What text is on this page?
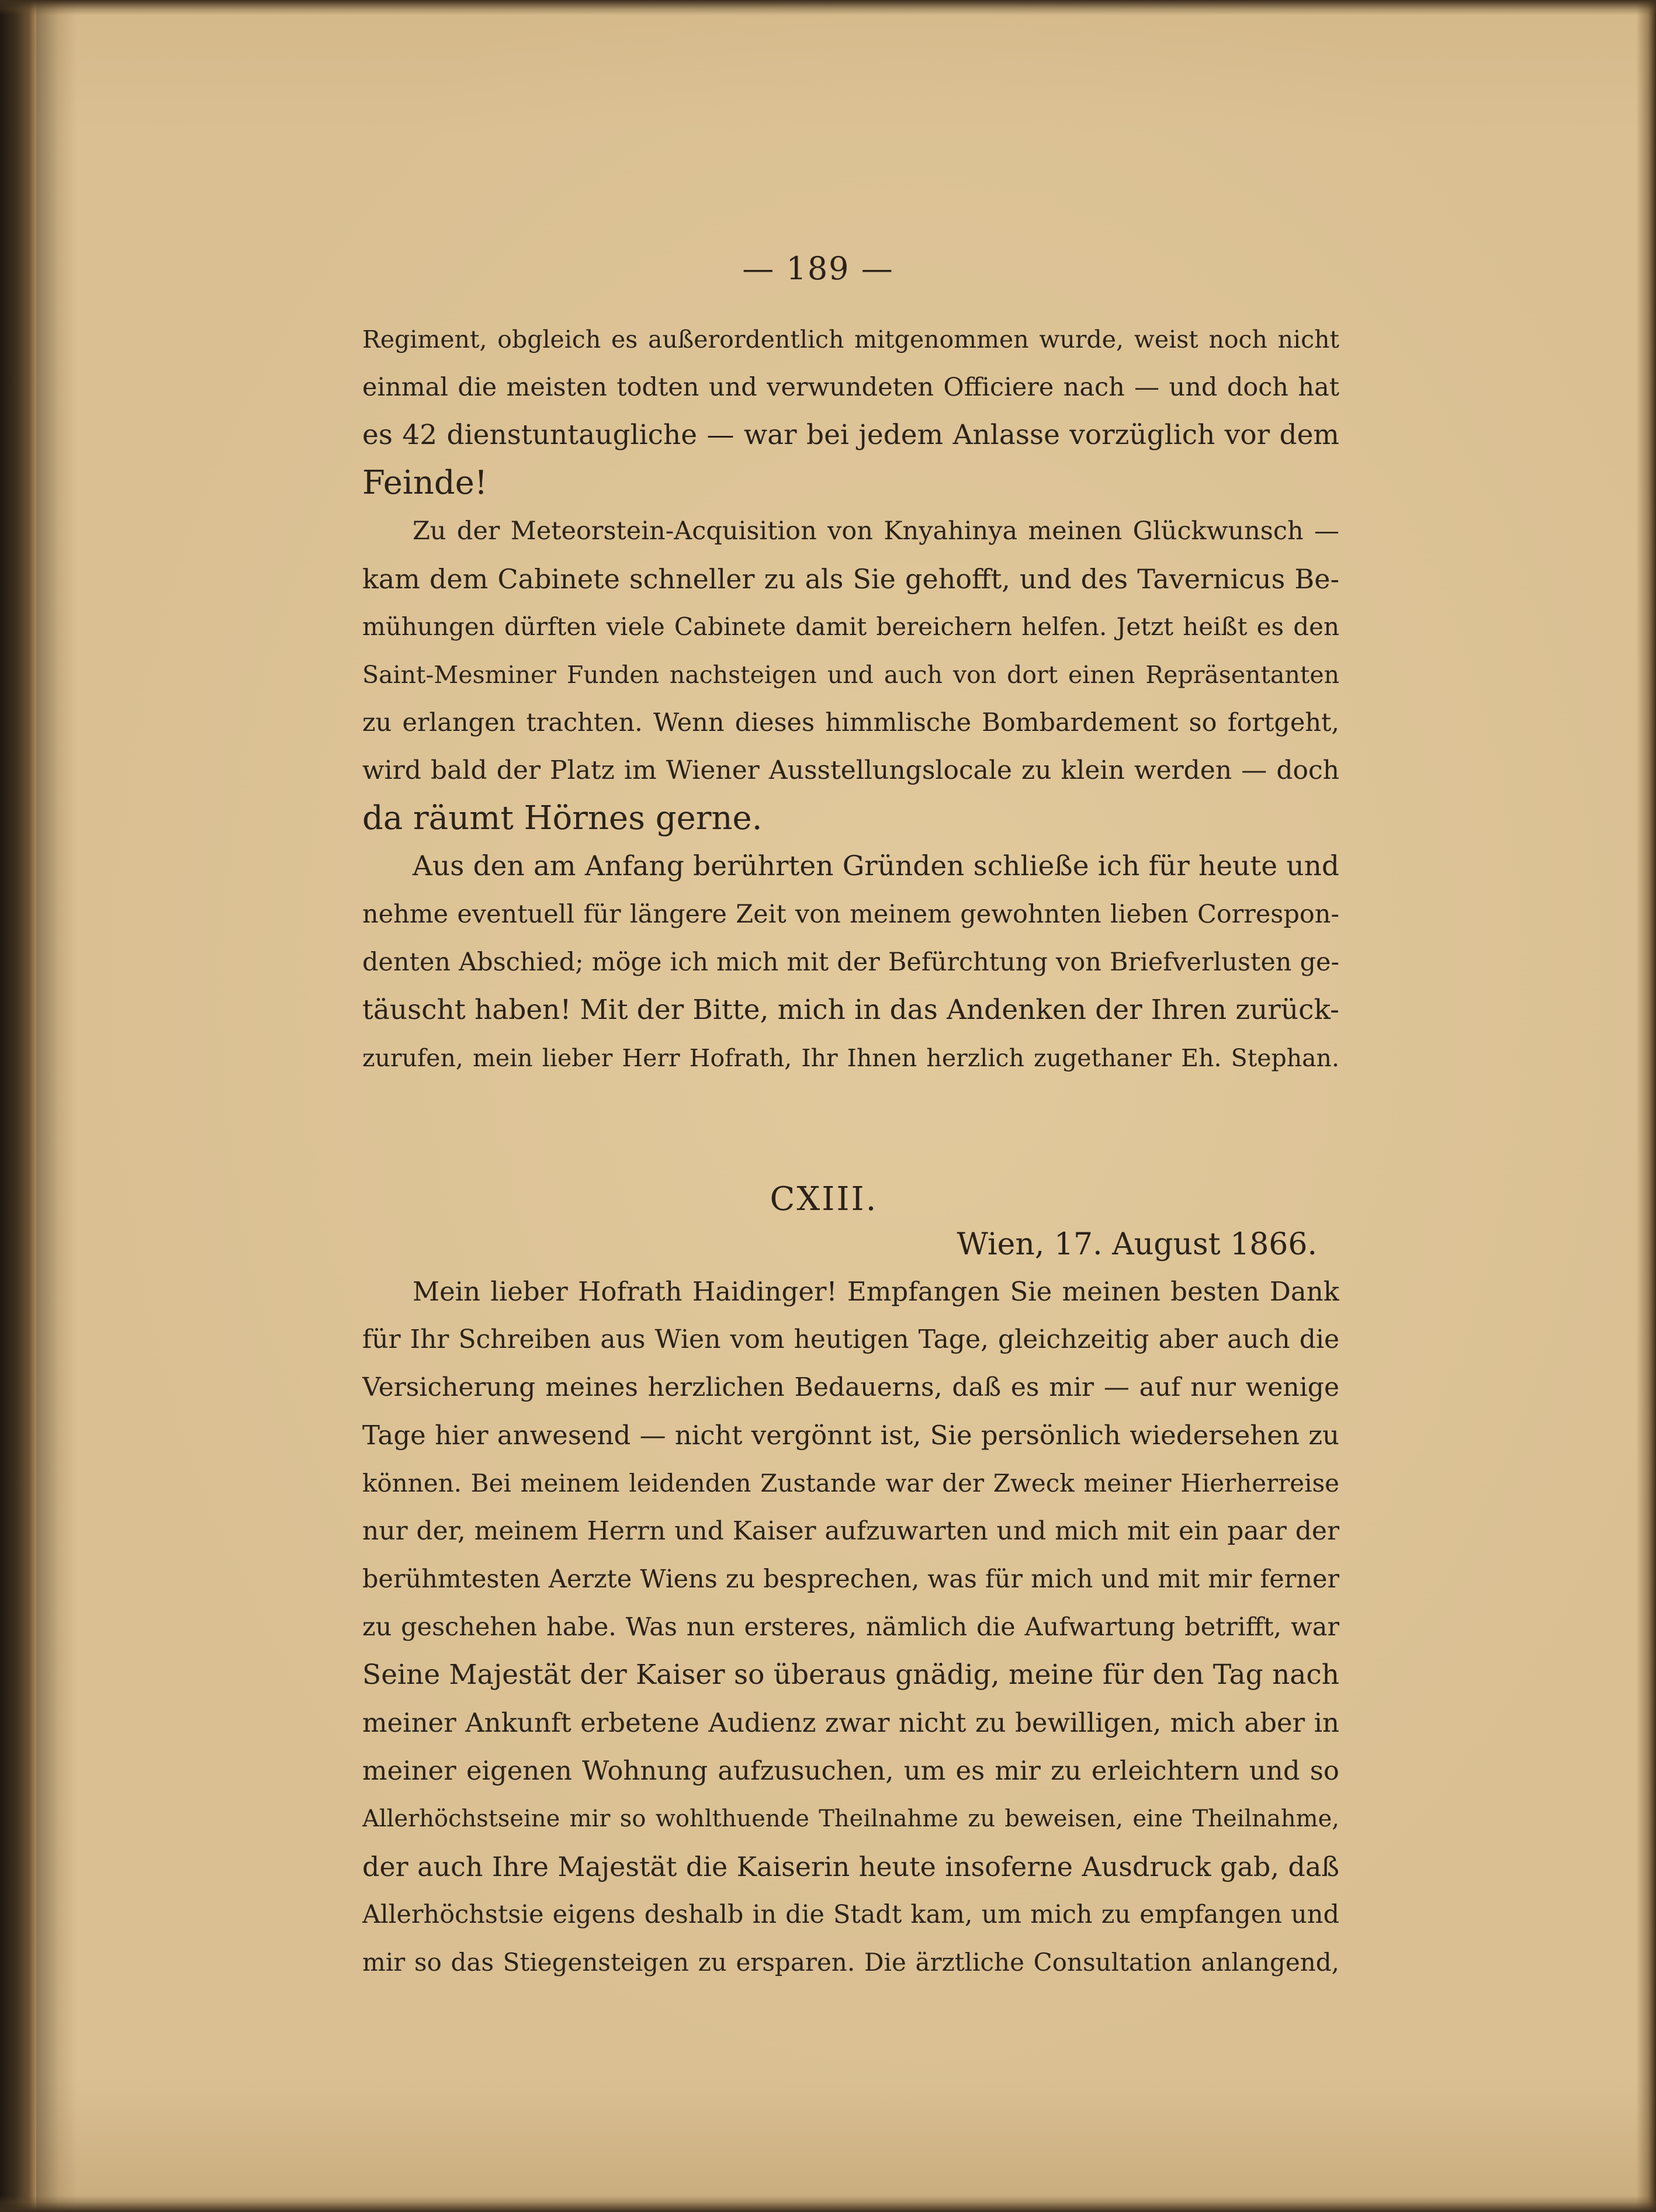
— 189 —
Regiment, obgleich es außerordentlich mitgenommen wurde, weist noch nicht
einmal die meisten todten und verwundeten Officiere nach — und doch hat
es 42 dienstuntaugliche — war bei jedem Anlasse vorzüglich vor dem
Feinde!
Zu der Meteorstein-Acquisition von Knyahinya meinen Glückwunsch —
kam dem Cabinete schneller zu als Sie gehofft, und des Tavernicus Be-
mühungen dürften viele Cabinete damit bereichern helfen. Jetzt heißt es den
Saint-Mesminer Funden nachsteigen und auch von dort einen Repräsentanten
zu erlangen trachten. Wenn dieses himmlische Bombardement so fortgeht,
wird bald der Platz im Wiener Ausstellungslocale zu klein werden — doch
da räumt Hörnes gerne.
Aus den am Anfang berührten Gründen schließe ich für heute und
nehme eventuell für längere Zeit von meinem gewohnten lieben Correspon-
denten Abschied; möge ich mich mit der Befürchtung von Briefverlusten ge-
täuscht haben! Mit der Bitte, mich in das Andenken der Ihren zurück-
zurufen, mein lieber Herr Hofrath, Ihr Ihnen herzlich zugethaner Eh. Stephan.
CXIII.
Wien, 17. August 1866.
Mein lieber Hofrath Haidinger! Empfangen Sie meinen besten Dank
für Ihr Schreiben aus Wien vom heutigen Tage, gleichzeitig aber auch die
Versicherung meines herzlichen Bedauerns, daß es mir — auf nur wenige
Tage hier anwesend — nicht vergönnt ist, Sie persönlich wiedersehen zu
können. Bei meinem leidenden Zustande war der Zweck meiner Hierherreise
nur der, meinem Herrn und Kaiser aufzuwarten und mich mit ein paar der
berühmtesten Aerzte Wiens zu besprechen, was für mich und mit mir ferner
zu geschehen habe. Was nun ersteres, nämlich die Aufwartung betrifft, war
Seine Majestät der Kaiser so überaus gnädig, meine für den Tag nach
meiner Ankunft erbetene Audienz zwar nicht zu bewilligen, mich aber in
meiner eigenen Wohnung aufzusuchen, um es mir zu erleichtern und so
Allerhöchstseine mir so wohlthuende Theilnahme zu beweisen, eine Theilnahme,
der auch Ihre Majestät die Kaiserin heute insoferne Ausdruck gab, daß
Allerhöchstsie eigens deshalb in die Stadt kam, um mich zu empfangen und
mir so das Stiegensteigen zu ersparen. Die ärztliche Consultation anlangend,
